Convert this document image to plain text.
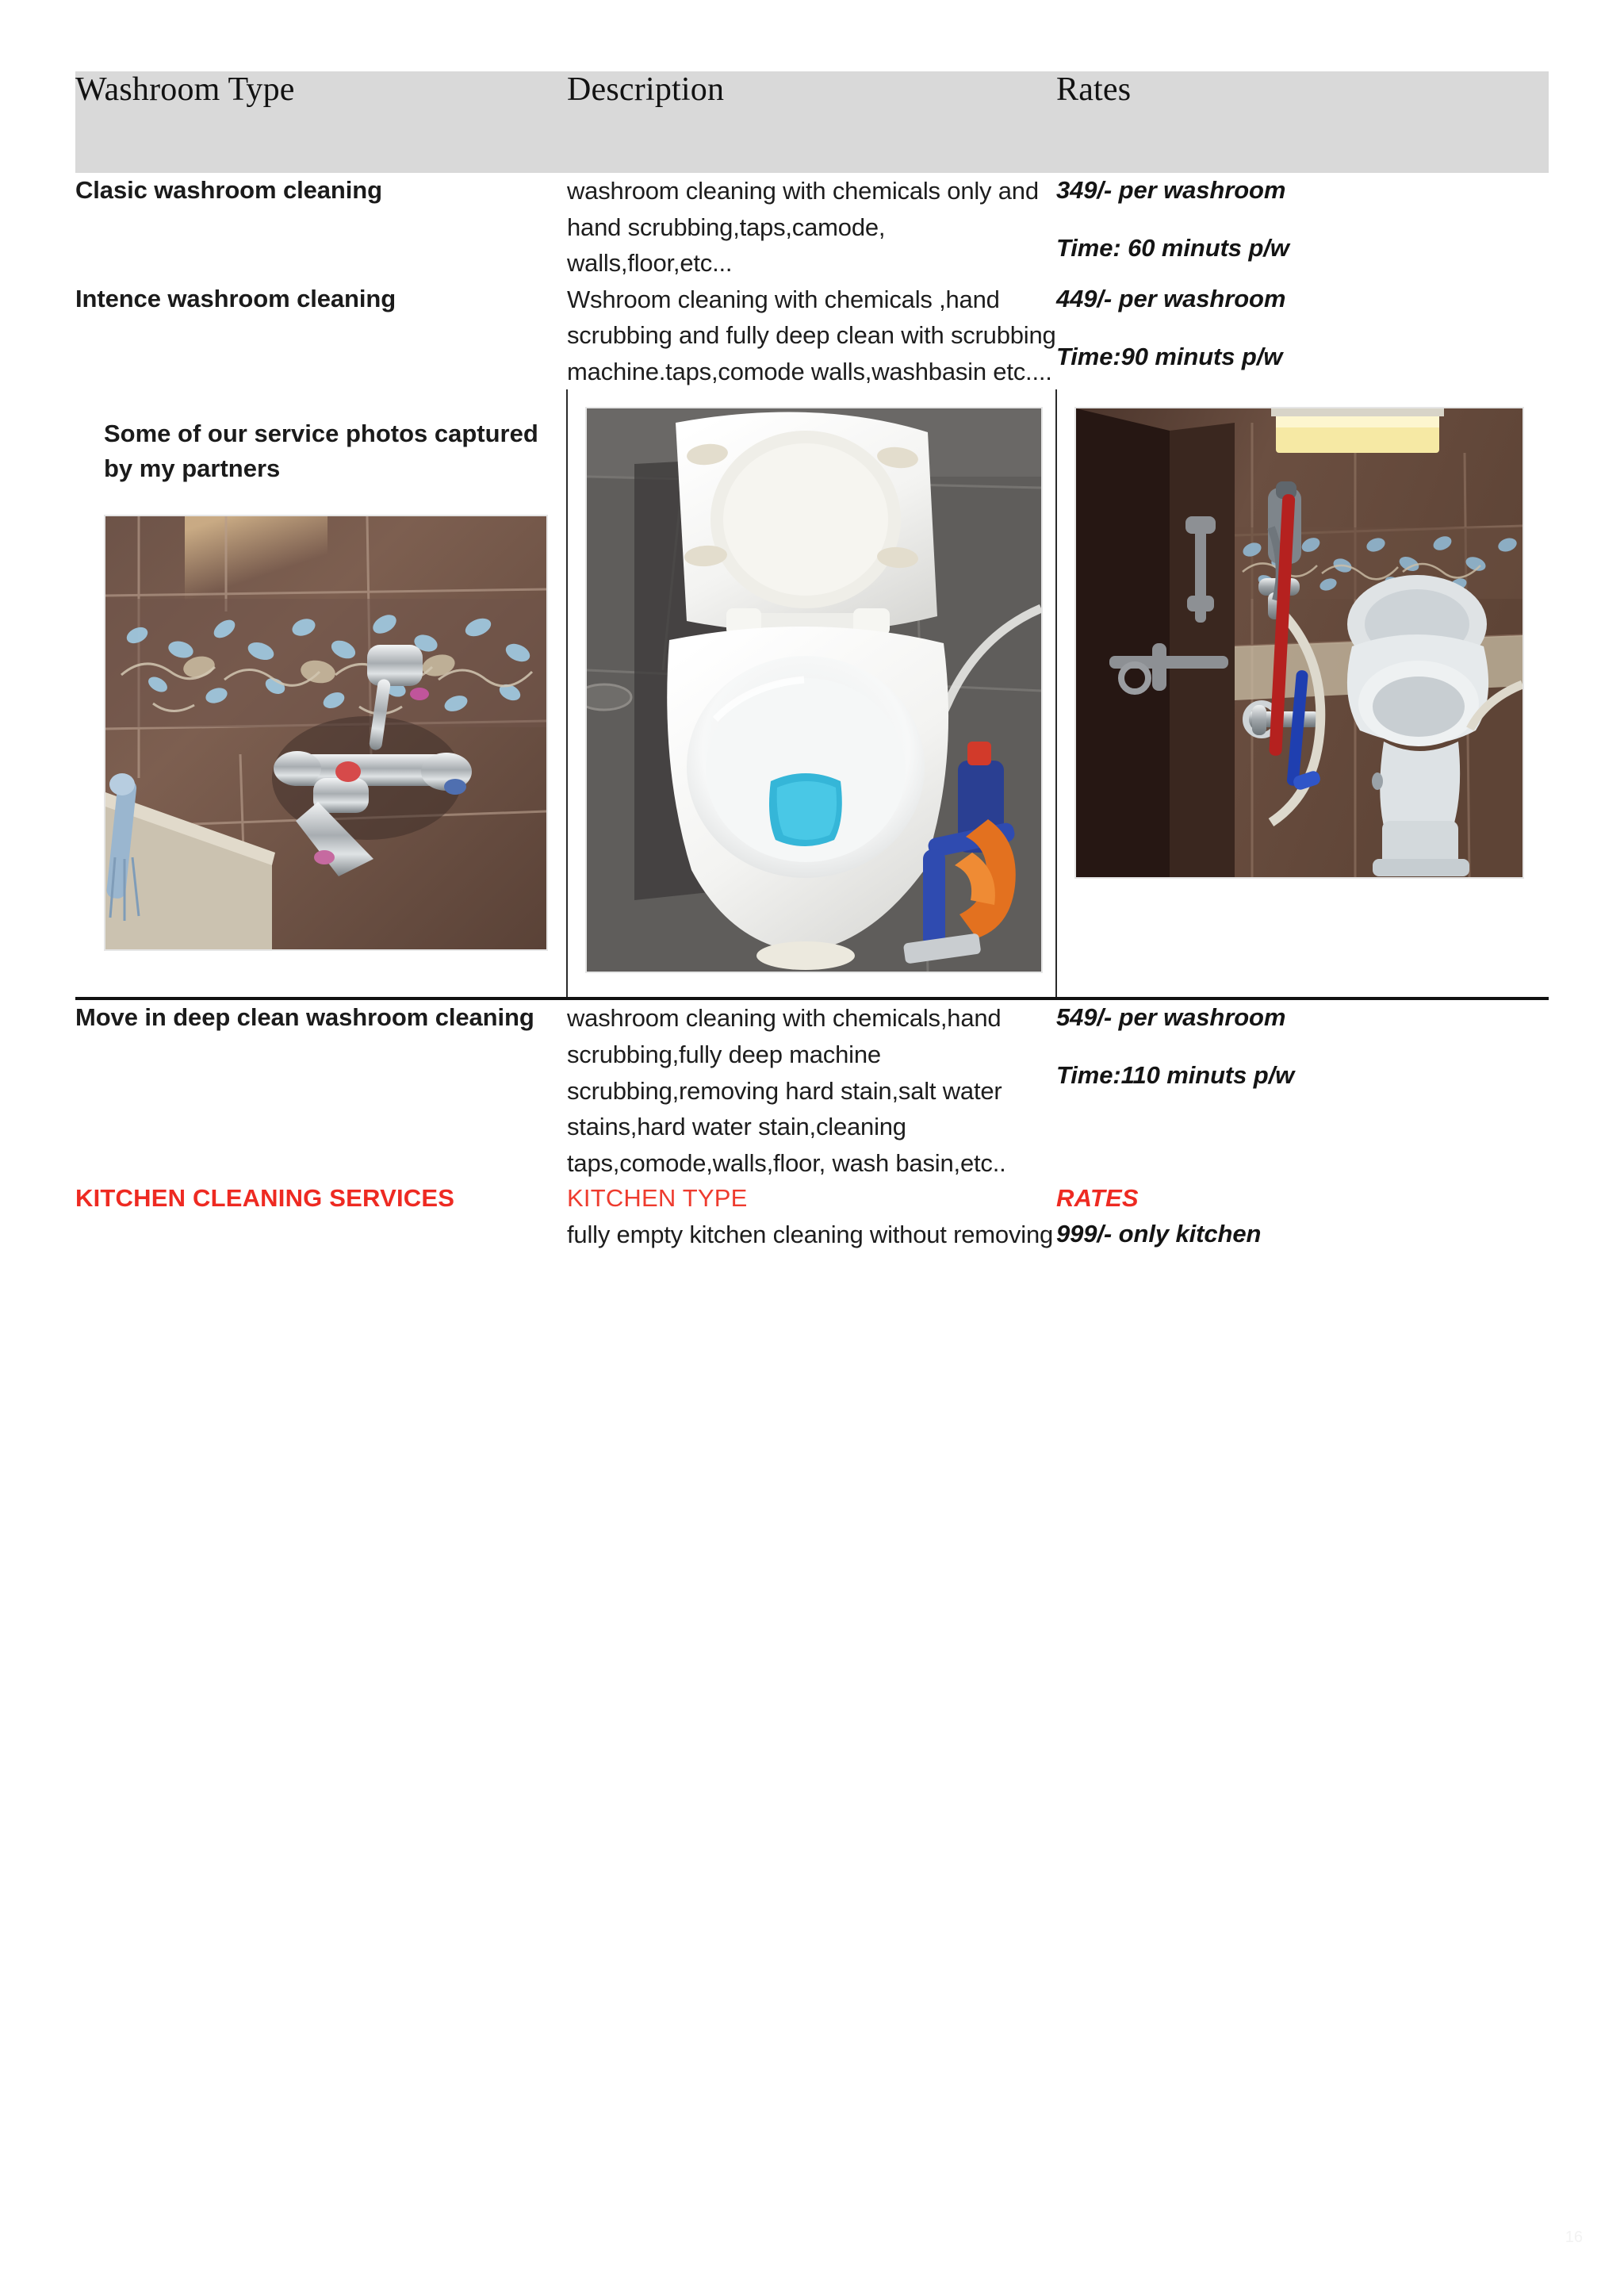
Washroom Type	Description	Rates

Clasic washroom cleaning	washroom cleaning with chemicals only and hand scrubbing,taps,camode, walls,floor,etc...	349/- per washroom
Time: 60 minuts p/w

Intence washroom cleaning	Wshroom cleaning with chemicals ,hand scrubbing and fully deep clean with scrubbing machine.taps,comode walls,washbasin etc....	449/- per washroom
Time:90 minuts p/w

Some of our service photos captured by my partners

Move in deep clean washroom cleaning	washroom cleaning with chemicals,hand scrubbing,fully deep machine scrubbing,removing hard stain,salt water stains,hard water stain,cleaning taps,comode,walls,floor, wash basin,etc..	549/- per washroom
Time:110 minuts p/w

KITCHEN CLEANING SERVICES	KITCHEN TYPE	RATES

	fully empty kitchen cleaning without removing	999/- only kitchen
16
